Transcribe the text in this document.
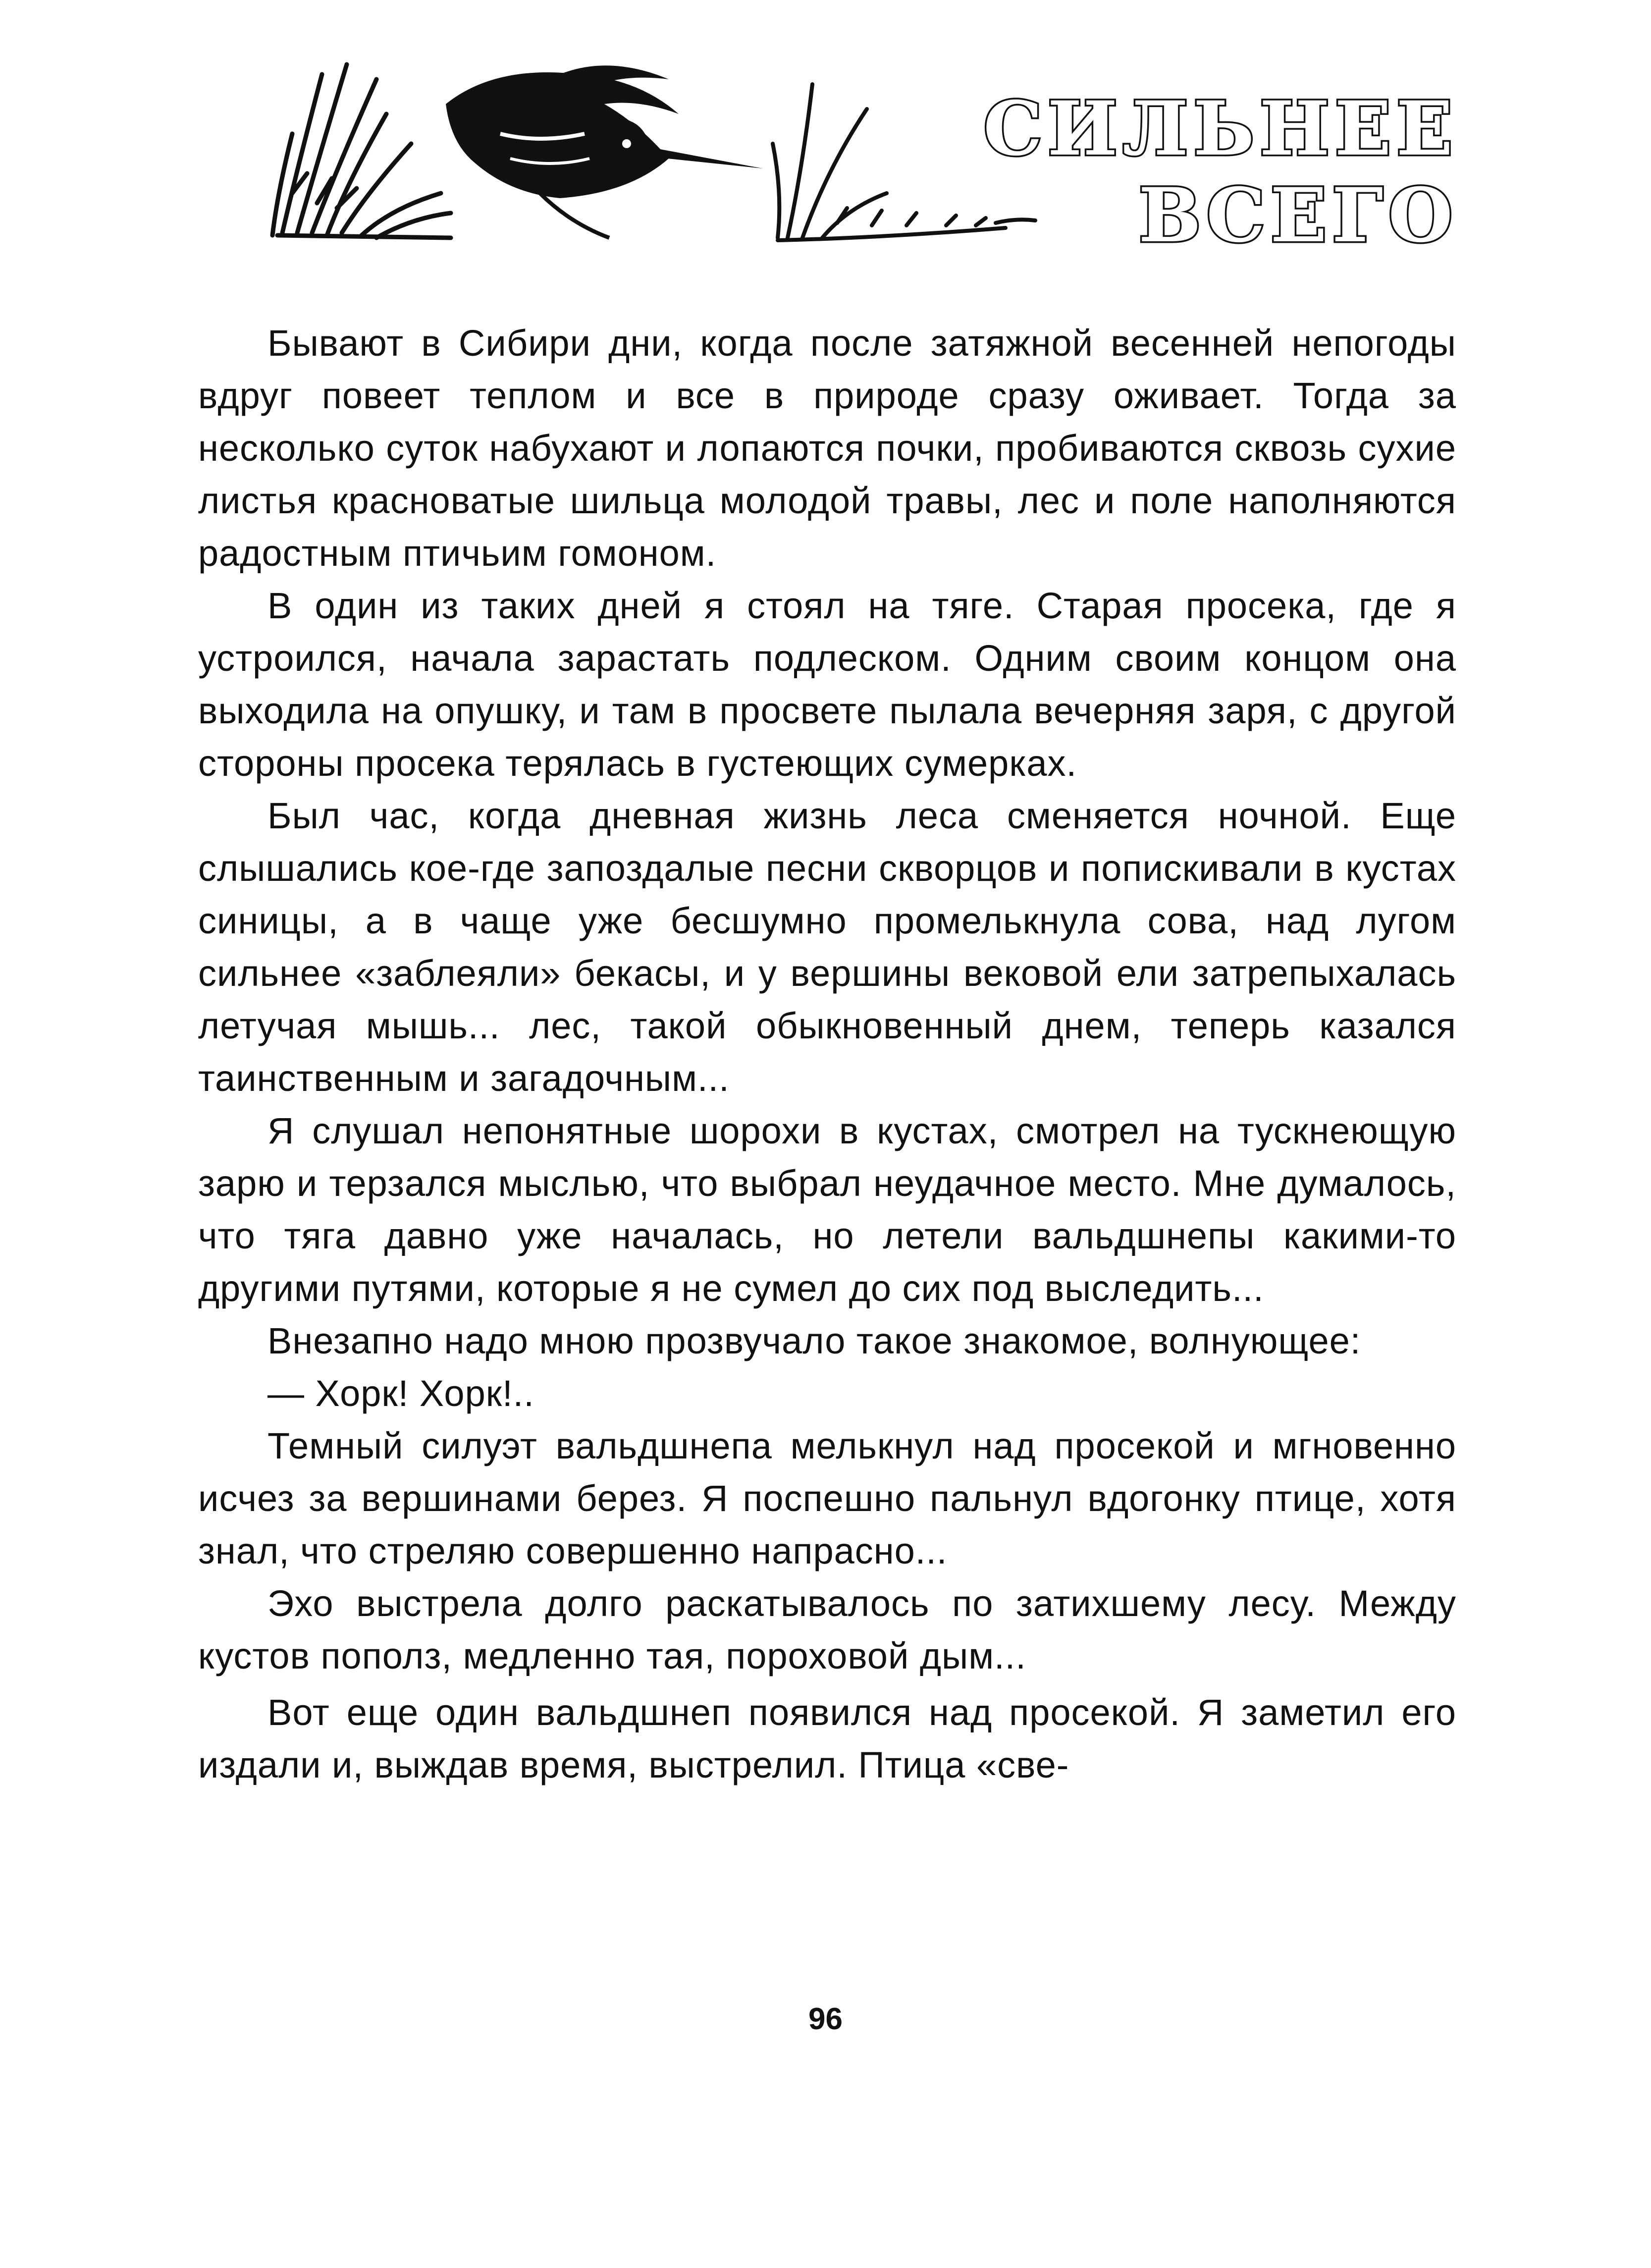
СИЛЬНЕЕ
ВСЕГО

Бывают в Сибири дни, когда после затяжной весенней непогоды вдруг повеет теплом и все в природе сразу оживает. Тогда за несколько суток набухают и лопаются почки, пробиваются сквозь сухие листья красноватые шильца молодой травы, лес и поле наполняются радостным птичьим гомоном.

В один из таких дней я стоял на тяге. Старая просека, где я устроился, начала зарастать подлеском. Одним своим концом она выходила на опушку, и там в просвете пылала вечерняя заря, с другой стороны просека терялась в густеющих сумерках.

Был час, когда дневная жизнь леса сменяется ночной. Еще слышались кое-где запоздалые песни скворцов и попискивали в кустах синицы, а в чаще уже бесшумно промелькнула сова, над лугом сильнее «заблеяли» бекасы, и у вершины вековой ели затрепыхалась летучая мышь... лес, такой обыкновенный днем, теперь казался таинственным и загадочным...

Я слушал непонятные шорохи в кустах, смотрел на тускнеющую зарю и терзался мыслью, что выбрал неудачное место. Мне думалось, что тяга давно уже началась, но летели вальдшнепы какими-то другими путями, которые я не сумел до сих под выследить...

Внезапно надо мною прозвучало такое знакомое, волнующее:

— Хорк! Хорк!..

Темный силуэт вальдшнепа мелькнул над просекой и мгновенно исчез за вершинами берез. Я поспешно пальнул вдогонку птице, хотя знал, что стреляю совершенно напрасно...

Эхо выстрела долго раскатывалось по затихшему лесу. Между кустов пополз, медленно тая, пороховой дым...

Вот еще один вальдшнеп появился над просекой. Я заметил его издали и, выждав время, выстрелил. Птица «све-

96
